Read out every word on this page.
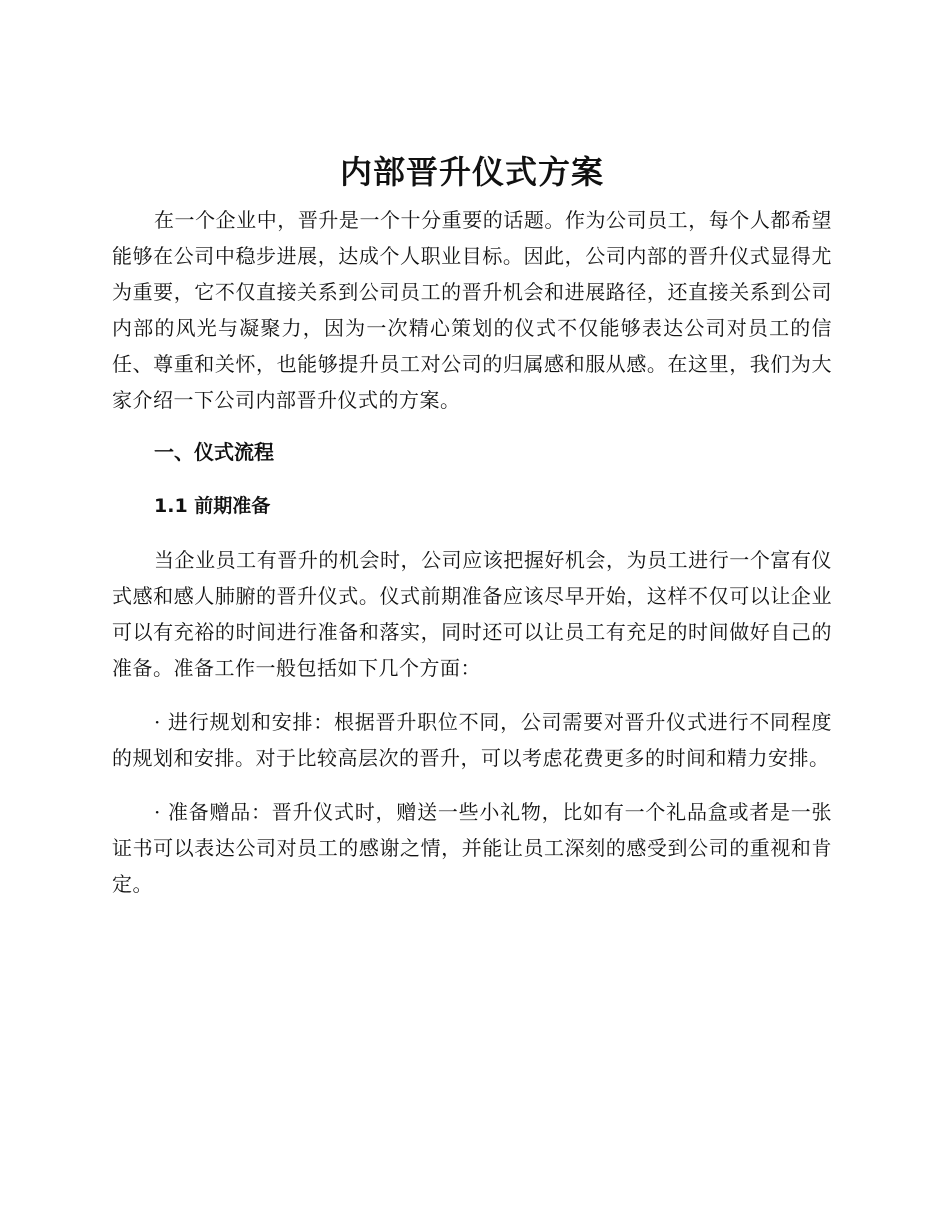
内部晋升仪式方案

在一个企业中，晋升是一个十分重要的话题。作为公司员工，每个人都希望能够在公司中稳步进展，达成个人职业目标。因此，公司内部的晋升仪式显得尤为重要，它不仅直接关系到公司员工的晋升机会和进展路径，还直接关系到公司内部的风光与凝聚力，因为一次精心策划的仪式不仅能够表达公司对员工的信任、尊重和关怀，也能够提升员工对公司的归属感和服从感。在这里，我们为大家介绍一下公司内部晋升仪式的方案。

一、仪式流程
1.1 前期准备

当企业员工有晋升的机会时，公司应该把握好机会，为员工进行一个富有仪式感和感人肺腑的晋升仪式。仪式前期准备应该尽早开始，这样不仅可以让企业可以有充裕的时间进行准备和落实，同时还可以让员工有充足的时间做好自己的准备。准备工作一般包括如下几个方面：

· 进行规划和安排：根据晋升职位不同，公司需要对晋升仪式进行不同程度的规划和安排。对于比较高层次的晋升，可以考虑花费更多的时间和精力安排。

· 准备赠品：晋升仪式时，赠送一些小礼物，比如有一个礼品盒或者是一张证书可以表达公司对员工的感谢之情，并能让员工深刻的感受到公司的重视和肯定。
